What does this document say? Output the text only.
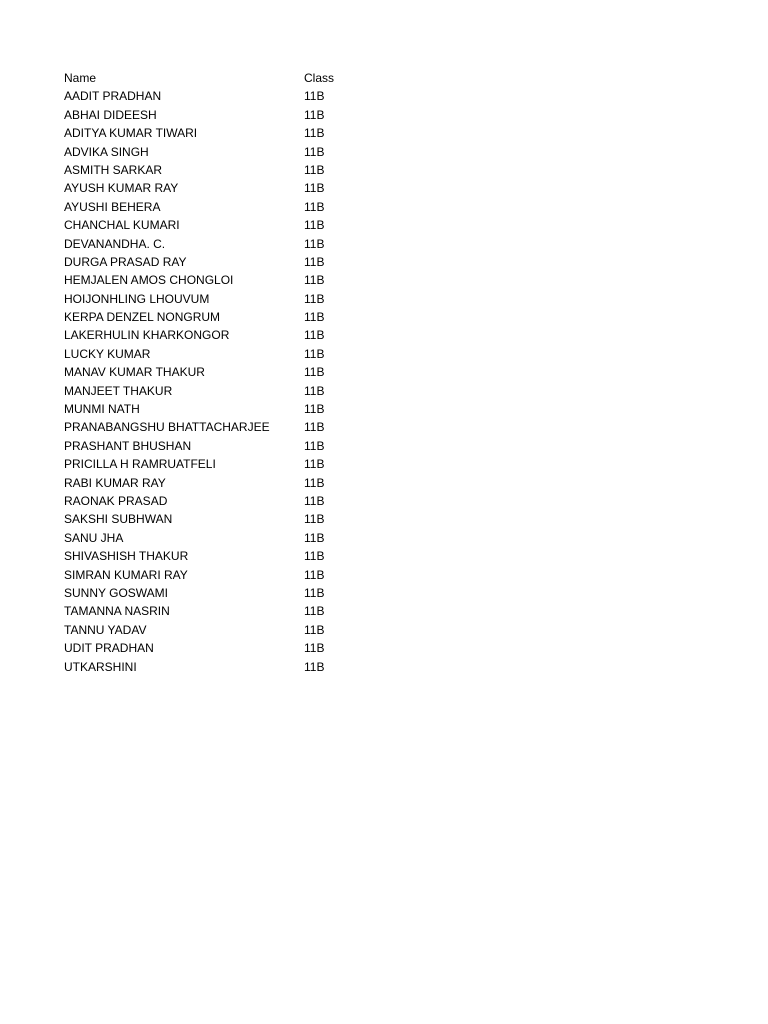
Name	Class
AADIT PRADHAN	11B
ABHAI DIDEESH	11B
ADITYA KUMAR TIWARI	11B
ADVIKA SINGH	11B
ASMITH SARKAR	11B
AYUSH KUMAR RAY	11B
AYUSHI BEHERA	11B
CHANCHAL KUMARI	11B
DEVANANDHA. C.	11B
DURGA PRASAD RAY	11B
HEMJALEN AMOS CHONGLOI	11B
HOIJONHLING LHOUVUM	11B
KERPA DENZEL NONGRUM	11B
LAKERHULIN KHARKONGOR	11B
LUCKY KUMAR	11B
MANAV KUMAR THAKUR	11B
MANJEET THAKUR	11B
MUNMI NATH	11B
PRANABANGSHU BHATTACHARJEE	11B
PRASHANT BHUSHAN	11B
PRICILLA H RAMRUATFELI	11B
RABI KUMAR RAY	11B
RAONAK PRASAD	11B
SAKSHI SUBHWAN	11B
SANU JHA	11B
SHIVASHISH THAKUR	11B
SIMRAN KUMARI RAY	11B
SUNNY GOSWAMI	11B
TAMANNA NASRIN	11B
TANNU YADAV	11B
UDIT PRADHAN	11B
UTKARSHINI	11B
